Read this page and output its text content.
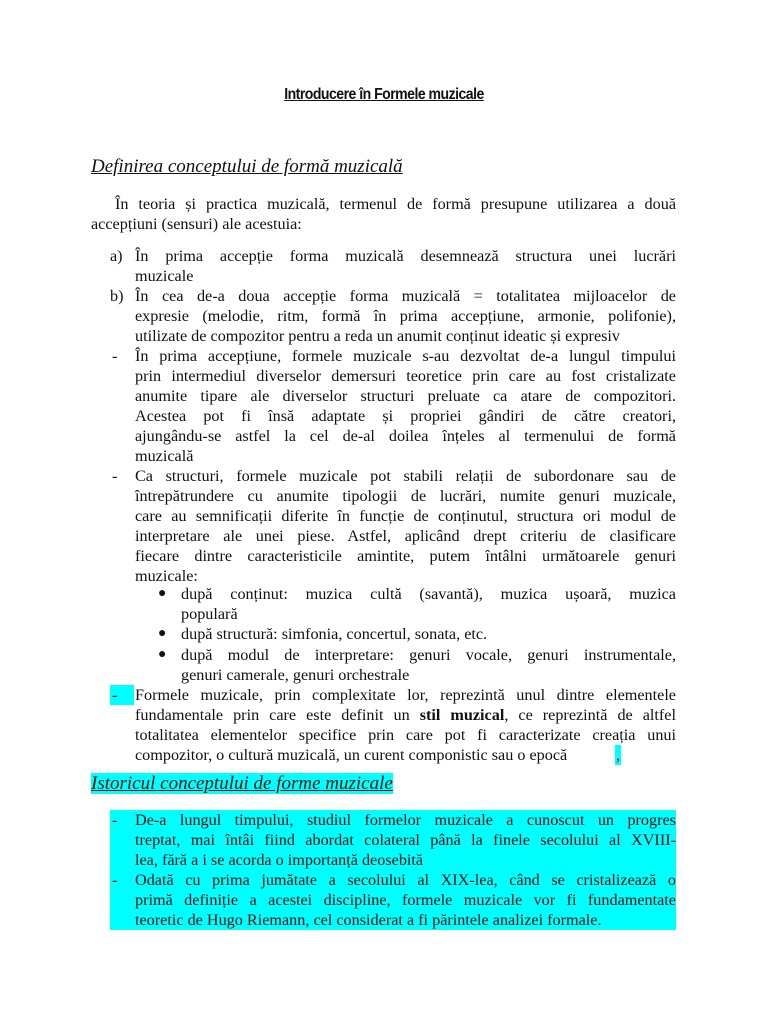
Introducere în Formele muzicale
Definirea conceptului de formă muzicală
În teoria și practica muzicală, termenul de formă presupune utilizarea a două
accepțiuni (sensuri) ale acestuia:
a) În prima accepție forma muzicală desemnează structura unei lucrări
muzicale
b) În cea de-a doua accepție forma muzicală = totalitatea mijloacelor de
expresie (melodie, ritm, formă în prima accepțiune, armonie, polifonie),
utilizate de compozitor pentru a reda un anumit conținut ideatic și expresiv
- În prima accepțiune, formele muzicale s-au dezvoltat de-a lungul timpului
prin intermediul diverselor demersuri teoretice prin care au fost cristalizate
anumite tipare ale diverselor structuri preluate ca atare de compozitori.
Acestea pot fi însă adaptate și propriei gândiri de către creatori,
ajungându-se astfel la cel de-al doilea înțeles al termenului de formă
muzicală
- Ca structuri, formele muzicale pot stabili relații de subordonare sau de
întrepătrundere cu anumite tipologii de lucrări, numite genuri muzicale,
care au semnificații diferite în funcție de conținutul, structura ori modul de
interpretare ale unei piese. Astfel, aplicând drept criteriu de clasificare
fiecare dintre caracteristicile amintite, putem întâlni următoarele genuri
muzicale:
● după conținut: muzica cultă (savantă), muzica ușoară, muzica
populară
● după structură: simfonia, concertul, sonata, etc.
● după modul de interpretare: genuri vocale, genuri instrumentale,
genuri camerale, genuri orchestrale
- Formele muzicale, prin complexitate lor, reprezintă unul dintre elementele
fundamentale prin care este definit un stil muzical, ce reprezintă de altfel
totalitatea elementelor specifice prin care pot fi caracterizate creația unui
compozitor, o cultură muzicală, un curent componistic sau o epocă	,
Istoricul conceptului de forme muzicale
- De-a lungul timpului, studiul formelor muzicale a cunoscut un progres
treptat, mai întâi fiind abordat colateral până la finele secolului al XVIII-
lea, fără a i se acorda o importanță deosebită
- Odată cu prima jumătate a secolului al XIX-lea, când se cristalizează o
primă definiție a acestei discipline, formele muzicale vor fi fundamentate
teoretic de Hugo Riemann, cel considerat a fi părintele analizei formale.
